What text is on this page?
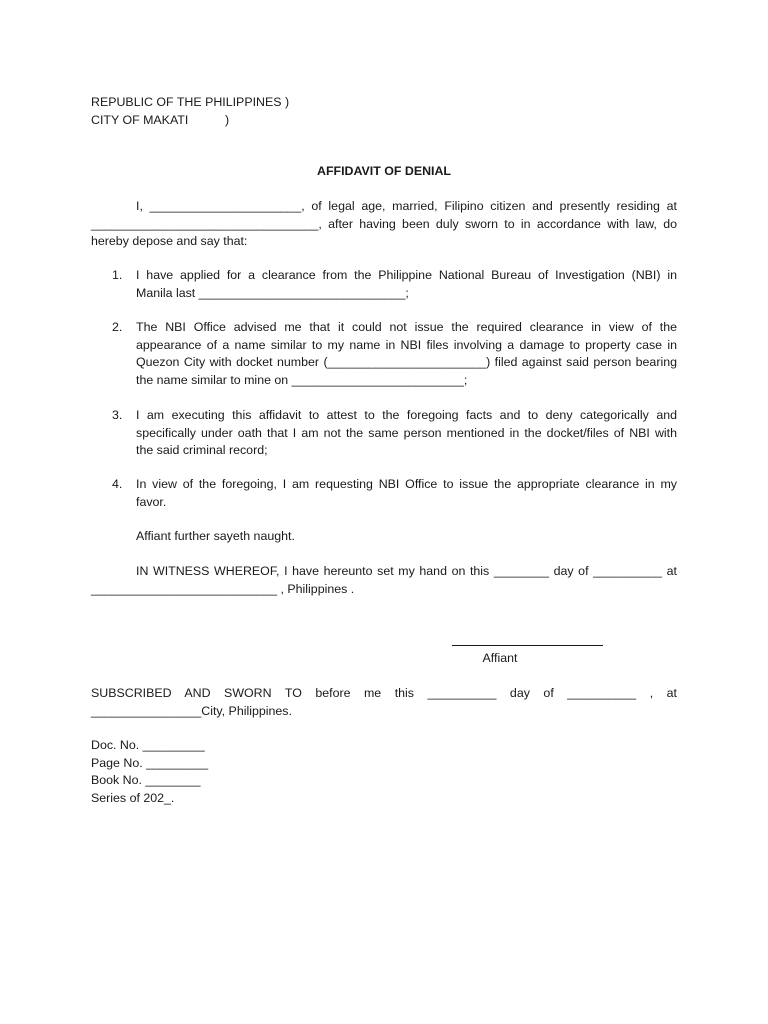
REPUBLIC OF THE PHILIPPINES )

CITY OF MAKATI	)
AFFIDAVIT OF DENIAL

I, ______________________, of legal age, married, Filipino citizen and presently residing at

_________________________________, after having been duly sworn to in accordance with law, do

hereby depose and say that:

1.	I have applied for a clearance from the Philippine National Bureau of Investigation (NBI) in

Manila last ______________________________;

2.	The NBI Office advised me that it could not issue the required clearance in view of the

appearance of a name similar to my name in NBI files involving a damage to property case in

Quezon City with docket number (_______________________) filed against said person bearing

the name similar to mine on _________________________;

3.	I am executing this affidavit to attest to the foregoing facts and to deny categorically and

specifically under oath that I am not the same person mentioned in the docket/files of NBI with

the said criminal record;

4.	In view of the foregoing, I am requesting NBI Office to issue the appropriate clearance in my

favor.

Affiant further sayeth naught.

IN WITNESS WHEREOF, I have hereunto set my hand on this ________ day of __________ at

___________________________ , Philippines .

Affiant

SUBSCRIBED AND SWORN TO before me this __________ day of __________ , at

________________City, Philippines.

Doc. No. _________

Page No. _________

Book No. ________

Series of 202_.
